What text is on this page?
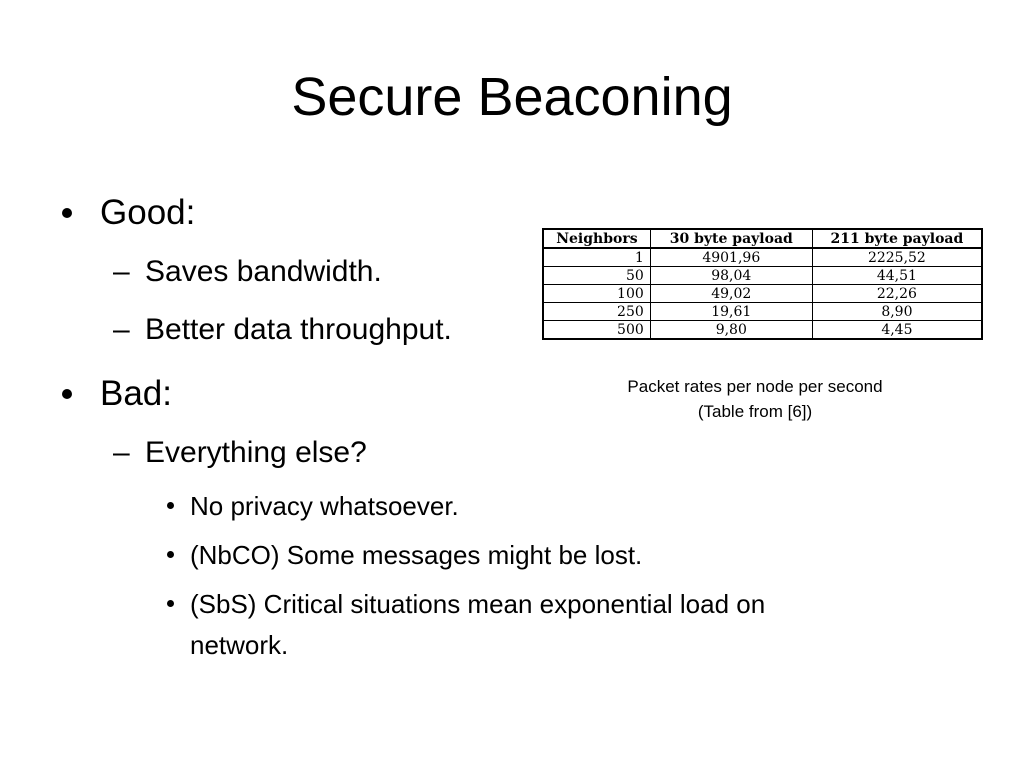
Secure Beaconing
Good:
– Saves bandwidth.
– Better data throughput.
Bad:
– Everything else?
No privacy whatsoever.
(NbCO) Some messages might be lost.
(SbS) Critical situations mean exponential load on
network.
Neighbors	30 byte payload	211 byte payload
1	4901,96	2225,52
50	98,04	44,51
100	49,02	22,26
250	19,61	8,90
500	9,80	4,45
Packet rates per node per second
(Table from [6])
